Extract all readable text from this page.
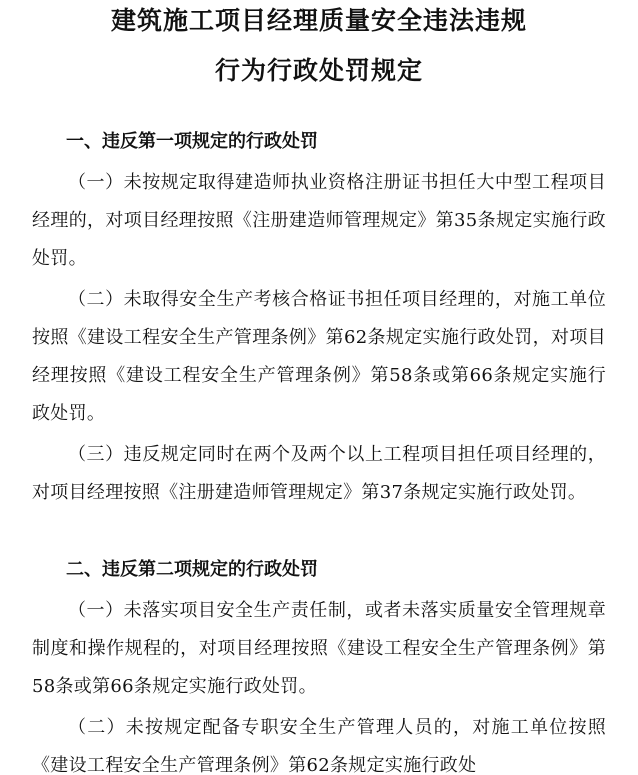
建筑施工项目经理质量安全违法违规
行为行政处罚规定
一、违反第一项规定的行政处罚

（一）未按规定取得建造师执业资格注册证书担任大中型工程项目经理的，对项目经理按照《注册建造师管理规定》第35条规定实施行政处罚。

（二）未取得安全生产考核合格证书担任项目经理的，对施工单位按照《建设工程安全生产管理条例》第62条规定实施行政处罚，对项目经理按照《建设工程安全生产管理条例》第58条或第66条规定实施行政处罚。

（三）违反规定同时在两个及两个以上工程项目担任项目经理的，对项目经理按照《注册建造师管理规定》第37条规定实施行政处罚。

二、违反第二项规定的行政处罚

（一）未落实项目安全生产责任制，或者未落实质量安全管理规章制度和操作规程的，对项目经理按照《建设工程安全生产管理条例》第58条或第66条规定实施行政处罚。

（二）未按规定配备专职安全生产管理人员的，对施工单位按照《建设工程安全生产管理条例》第62条规定实施行政处
